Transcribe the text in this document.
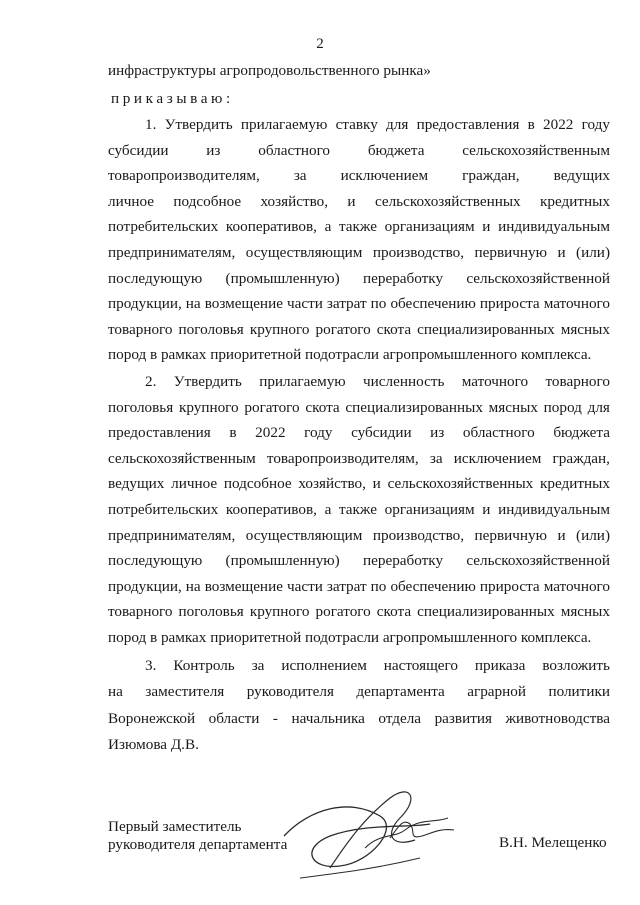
2
инфраструктуры агропродовольственного рынка»
приказываю:
1. Утвердить прилагаемую ставку для предоставления в 2022 году
субсидии из областного бюджета сельскохозяйственным
товаропроизводителям, за исключением граждан, ведущих
личное подсобное хозяйство, и сельскохозяйственных кредитных
потребительских кооперативов, а также организациям и индивидуальным
предпринимателям, осуществляющим производство, первичную и (или)
последующую (промышленную) переработку сельскохозяйственной
продукции, на возмещение части затрат по обеспечению прироста маточного
товарного поголовья крупного рогатого скота специализированных мясных
пород в рамках приоритетной подотрасли агропромышленного комплекса.
2. Утвердить прилагаемую численность маточного товарного
поголовья крупного рогатого скота специализированных мясных пород для
предоставления в 2022 году субсидии из областного бюджета
сельскохозяйственным товаропроизводителям, за исключением граждан,
ведущих личное подсобное хозяйство, и сельскохозяйственных кредитных
потребительских кооперативов, а также организациям и индивидуальным
предпринимателям, осуществляющим производство, первичную и (или)
последующую (промышленную) переработку сельскохозяйственной
продукции, на возмещение части затрат по обеспечению прироста маточного
товарного поголовья крупного рогатого скота специализированных мясных
пород в рамках приоритетной подотрасли агропромышленного комплекса.
3. Контроль за исполнением настоящего приказа возложить
на заместителя руководителя департамента аграрной политики
Воронежской области - начальника отдела развития животноводства
Изюмова Д.В.
Первый заместитель
руководителя департамента	В.Н. Мелещенко
